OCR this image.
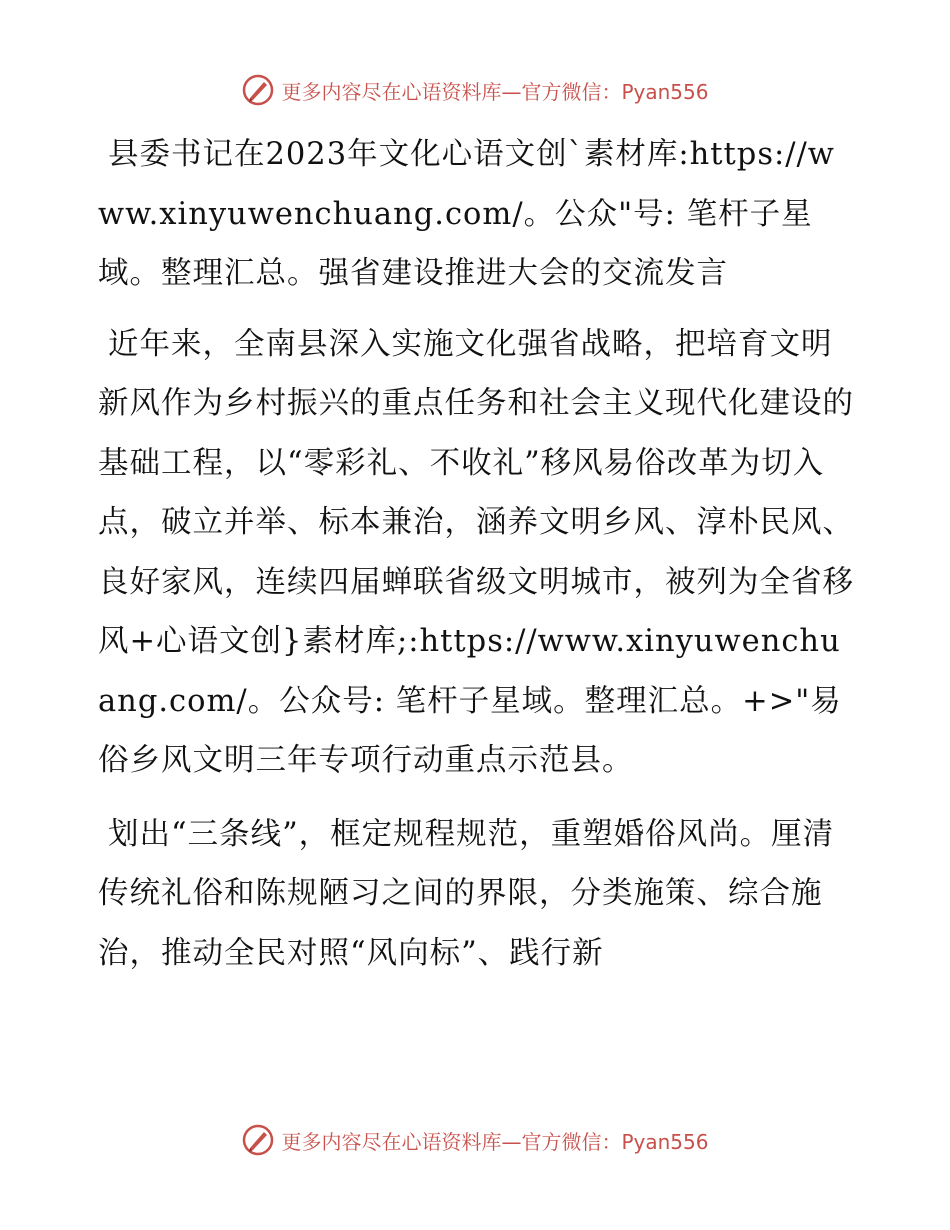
更多内容尽在心语资料库—官方微信：Pyan556

县委书记在2023年文化心语文创`素材库:https://www.xinyuwenchuang.com/。公众"号: 笔杆子星域。整理汇总。强省建设推进大会的交流发言

近年来，全南县深入实施文化强省战略，把培育文明新风作为乡村振兴的重点任务和社会主义现代化建设的基础工程，以“零彩礼、不收礼”移风易俗改革为切入点，破立并举、标本兼治，涵养文明乡风、淳朴民风、良好家风，连续四届蝉联省级文明城市，被列为全省移风+心语文创}素材库;:https://www.xinyuwenchuang.com/。公众号: 笔杆子星域。整理汇总。+>"易俗乡风文明三年专项行动重点示范县。

划出“三条线”，框定规程规范，重塑婚俗风尚。厘清传统礼俗和陈规陋习之间的界限，分类施策、综合施治，推动全民对照“风向标”、践行新

更多内容尽在心语资料库—官方微信：Pyan556
